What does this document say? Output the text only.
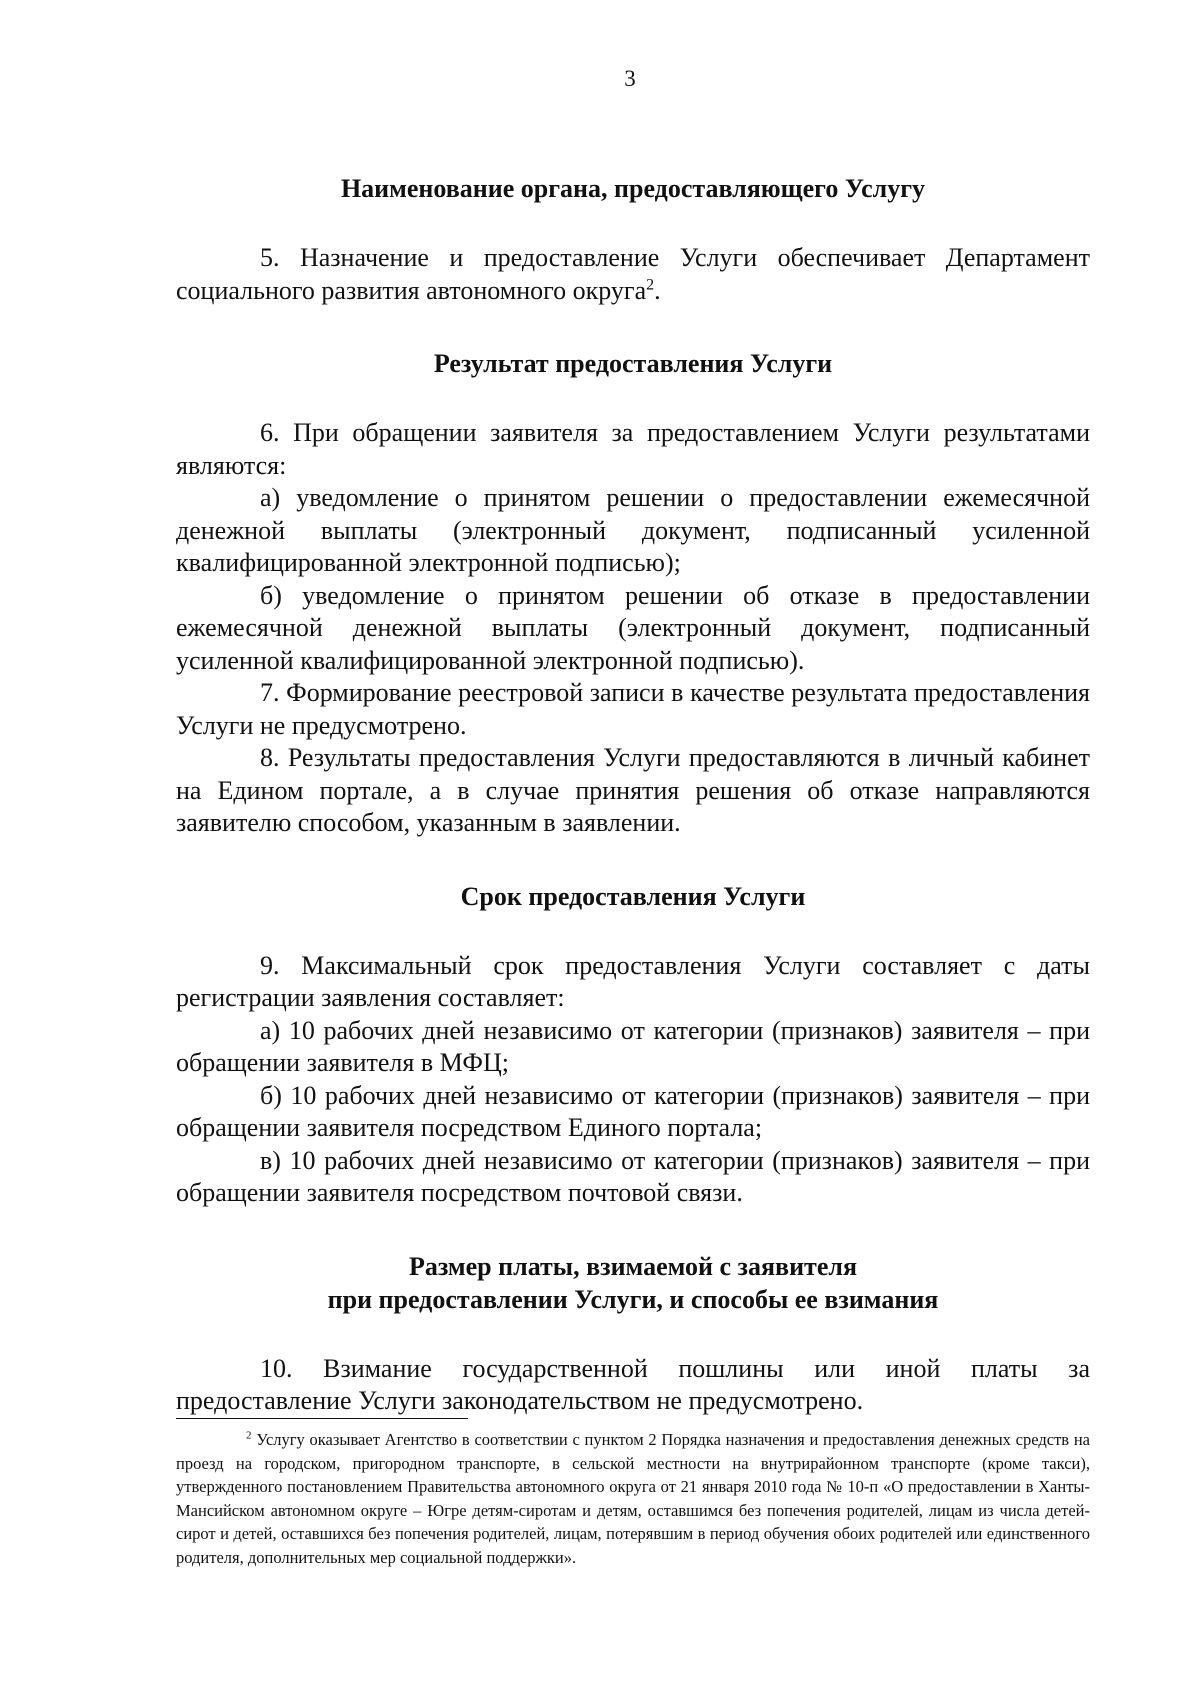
3
Наименование органа, предоставляющего Услугу

5. Назначение и предоставление Услуги обеспечивает Департамент социального развития автономного округа$^2$.

Результат предоставления Услуги

6. При обращении заявителя за предоставлением Услуги результатами являются:

а) уведомление о принятом решении о предоставлении ежемесячной денежной выплаты (электронный документ, подписанный усиленной квалифицированной электронной подписью);

б) уведомление о принятом решении об отказе в предоставлении ежемесячной денежной выплаты (электронный документ, подписанный усиленной квалифицированной электронной подписью).

7. Формирование реестровой записи в качестве результата предоставления Услуги не предусмотрено.

8. Результаты предоставления Услуги предоставляются в личный кабинет на Едином портале, а в случае принятия решения об отказе направляются заявителю способом, указанным в заявлении.

Срок предоставления Услуги

9. Максимальный срок предоставления Услуги составляет с даты регистрации заявления составляет:

а) 10 рабочих дней независимо от категории (признаков) заявителя – при обращении заявителя в МФЦ;

б) 10 рабочих дней независимо от категории (признаков) заявителя – при обращении заявителя посредством Единого портала;

в) 10 рабочих дней независимо от категории (признаков) заявителя – при обращении заявителя посредством почтовой связи.

Размер платы, взимаемой с заявителя
при предоставлении Услуги, и способы ее взимания

10. Взимание государственной пошлины или иной платы за предоставление Услуги законодательством не предусмотрено.

$^2$ Услугу оказывает Агентство в соответствии с пунктом 2 Порядка назначения и предоставления денежных средств на проезд на городском, пригородном транспорте, в сельской местности на внутрирайонном транспорте (кроме такси), утвержденного постановлением Правительства автономного округа от 21 января 2010 года № 10-п «О предоставлении в Ханты-Мансийском автономном округе – Югре детям-сиротам и детям, оставшимся без попечения родителей, лицам из числа детей-сирот и детей, оставшихся без попечения родителей, лицам, потерявшим в период обучения обоих родителей или единственного родителя, дополнительных мер социальной поддержки».
